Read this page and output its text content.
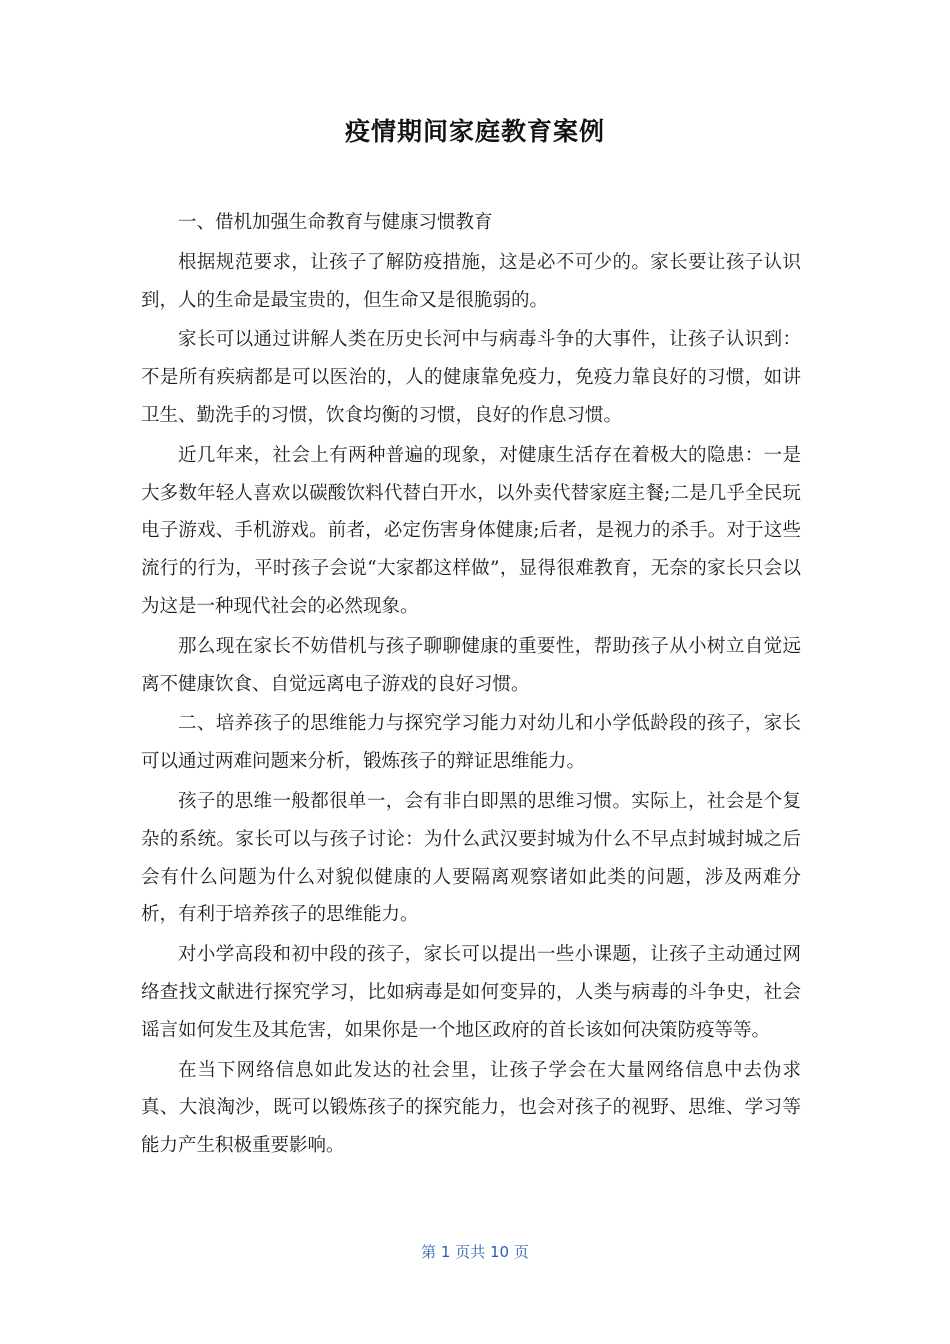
疫情期间家庭教育案例

一、借机加强生命教育与健康习惯教育

根据规范要求，让孩子了解防疫措施，这是必不可少的。家长要让孩子认识到，人的生命是最宝贵的，但生命又是很脆弱的。

家长可以通过讲解人类在历史长河中与病毒斗争的大事件，让孩子认识到：不是所有疾病都是可以医治的，人的健康靠免疫力，免疫力靠良好的习惯，如讲卫生、勤洗手的习惯，饮食均衡的习惯，良好的作息习惯。

近几年来，社会上有两种普遍的现象，对健康生活存在着极大的隐患：一是大多数年轻人喜欢以碳酸饮料代替白开水，以外卖代替家庭主餐;二是几乎全民玩电子游戏、手机游戏。前者，必定伤害身体健康;后者，是视力的杀手。对于这些流行的行为，平时孩子会说“大家都这样做”，显得很难教育，无奈的家长只会以为这是一种现代社会的必然现象。

那么现在家长不妨借机与孩子聊聊健康的重要性，帮助孩子从小树立自觉远离不健康饮食、自觉远离电子游戏的良好习惯。

二、培养孩子的思维能力与探究学习能力对幼儿和小学低龄段的孩子，家长可以通过两难问题来分析，锻炼孩子的辩证思维能力。

孩子的思维一般都很单一，会有非白即黑的思维习惯。实际上，社会是个复杂的系统。家长可以与孩子讨论：为什么武汉要封城为什么不早点封城封城之后会有什么问题为什么对貌似健康的人要隔离观察诸如此类的问题，涉及两难分析，有利于培养孩子的思维能力。

对小学高段和初中段的孩子，家长可以提出一些小课题，让孩子主动通过网络查找文献进行探究学习，比如病毒是如何变异的，人类与病毒的斗争史，社会谣言如何发生及其危害，如果你是一个地区政府的首长该如何决策防疫等等。

在当下网络信息如此发达的社会里，让孩子学会在大量网络信息中去伪求真、大浪淘沙，既可以锻炼孩子的探究能力，也会对孩子的视野、思维、学习等能力产生积极重要影响。

第 1 页共 10 页
